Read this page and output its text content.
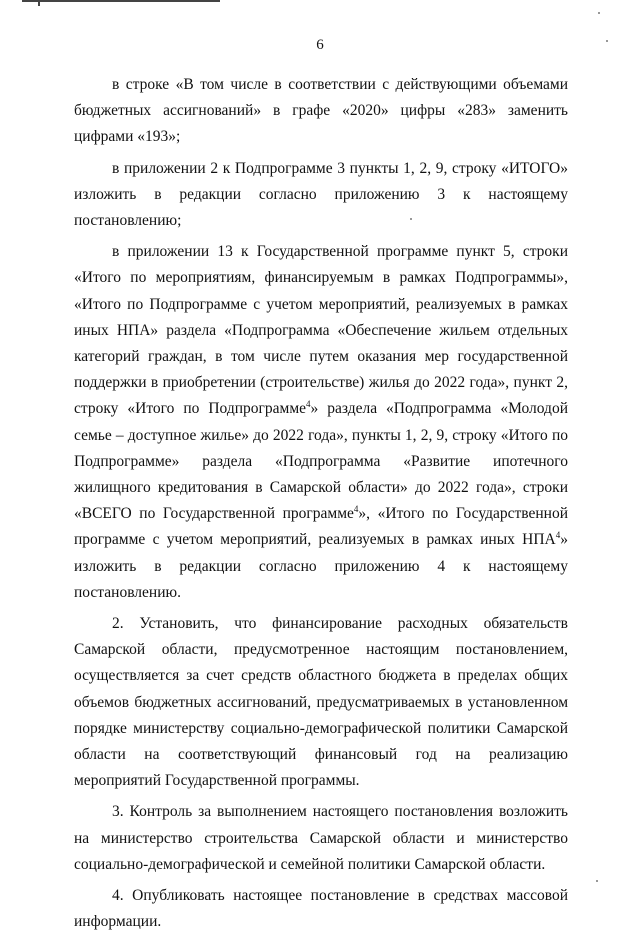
6

в строке «В том числе в соответствии с действующими объемами бюджетных ассигнований» в графе «2020» цифры «283» заменить цифрами «193»;

в приложении 2 к Подпрограмме 3 пункты 1, 2, 9, строку «ИТОГО» изложить в редакции согласно приложению 3 к настоящему постановлению;

в приложении 13 к Государственной программе пункт 5, строки «Итого по мероприятиям, финансируемым в рамках Подпрограммы», «Итого по Подпрограмме с учетом мероприятий, реализуемых в рамках иных НПА» раздела «Подпрограмма «Обеспечение жильем отдельных категорий граждан, в том числе путем оказания мер государственной поддержки в приобретении (строительстве) жилья до 2022 года», пункт 2, строку «Итого по Подпрограмме$^4$» раздела «Подпрограмма «Молодой семье – доступное жилье» до 2022 года», пункты 1, 2, 9, строку «Итого по Подпрограмме» раздела «Подпрограмма «Развитие ипотечного жилищного кредитования в Самарской области» до 2022 года», строки «ВСЕГО по Государственной программе$^4$», «Итого по Государственной программе с учетом мероприятий, реализуемых в рамках иных НПА$^4$» изложить в редакции согласно приложению 4 к настоящему постановлению.

2. Установить, что финансирование расходных обязательств Самарской области, предусмотренное настоящим постановлением, осуществляется за счет средств областного бюджета в пределах общих объемов бюджетных ассигнований, предусматриваемых в установленном порядке министерству социально-демографической политики Самарской области на соответствующий финансовый год на реализацию мероприятий Государственной программы.

3. Контроль за выполнением настоящего постановления возложить на министерство строительства Самарской области и министерство социально-демографической и семейной политики Самарской области.

4. Опубликовать настоящее постановление в средствах массовой информации.
